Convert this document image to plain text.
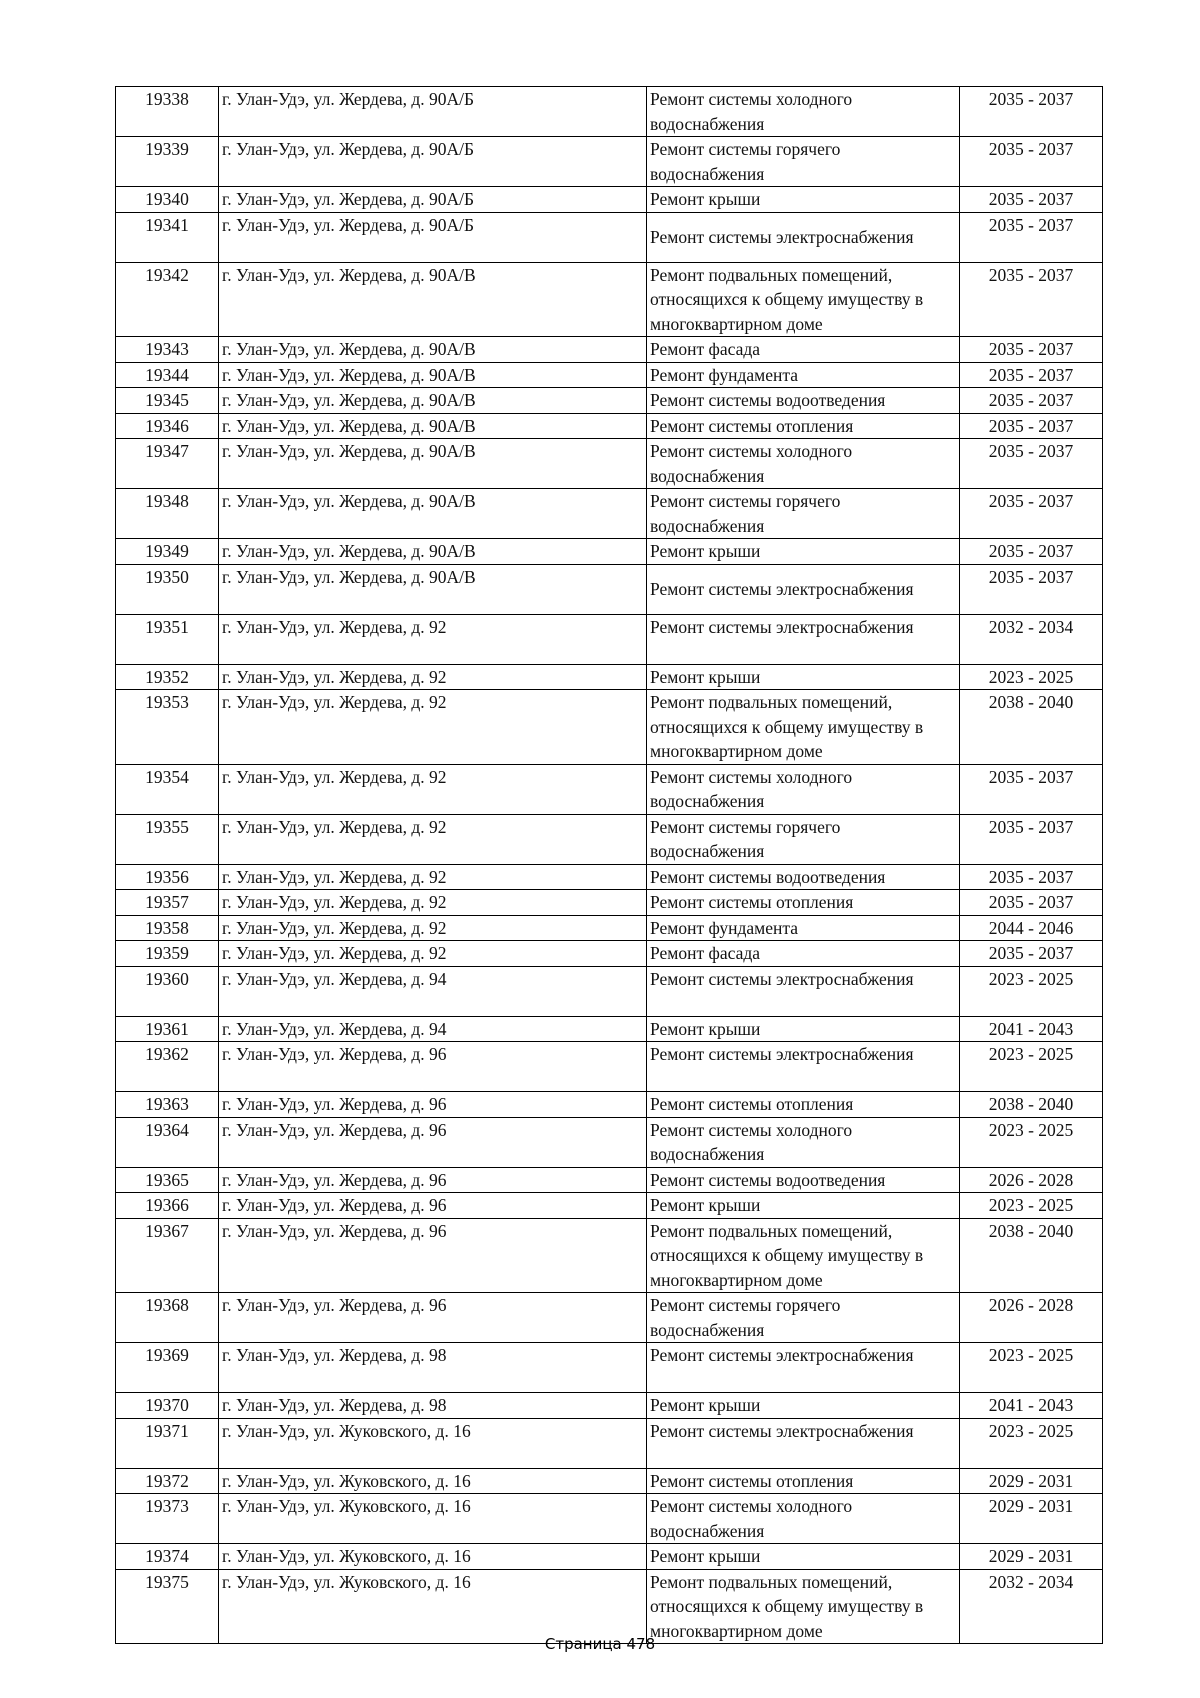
19338	г. Улан-Удэ, ул. Жердева, д. 90А/Б	Ремонт системы холодного водоснабжения	2035 - 2037
19339	г. Улан-Удэ, ул. Жердева, д. 90А/Б	Ремонт системы горячего водоснабжения	2035 - 2037
19340	г. Улан-Удэ, ул. Жердева, д. 90А/Б	Ремонт крыши	2035 - 2037
19341	г. Улан-Удэ, ул. Жердева, д. 90А/Б	Ремонт системы электроснабжения	2035 - 2037
19342	г. Улан-Удэ, ул. Жердева, д. 90А/В	Ремонт подвальных помещений, относящихся к общему имуществу в многоквартирном доме	2035 - 2037
19343	г. Улан-Удэ, ул. Жердева, д. 90А/В	Ремонт фасада	2035 - 2037
19344	г. Улан-Удэ, ул. Жердева, д. 90А/В	Ремонт фундамента	2035 - 2037
19345	г. Улан-Удэ, ул. Жердева, д. 90А/В	Ремонт системы водоотведения	2035 - 2037
19346	г. Улан-Удэ, ул. Жердева, д. 90А/В	Ремонт системы отопления	2035 - 2037
19347	г. Улан-Удэ, ул. Жердева, д. 90А/В	Ремонт системы холодного водоснабжения	2035 - 2037
19348	г. Улан-Удэ, ул. Жердева, д. 90А/В	Ремонт системы горячего водоснабжения	2035 - 2037
19349	г. Улан-Удэ, ул. Жердева, д. 90А/В	Ремонт крыши	2035 - 2037
19350	г. Улан-Удэ, ул. Жердева, д. 90А/В	Ремонт системы электроснабжения	2035 - 2037
19351	г. Улан-Удэ, ул. Жердева, д. 92	Ремонт системы электроснабжения	2032 - 2034
19352	г. Улан-Удэ, ул. Жердева, д. 92	Ремонт крыши	2023 - 2025
19353	г. Улан-Удэ, ул. Жердева, д. 92	Ремонт подвальных помещений, относящихся к общему имуществу в многоквартирном доме	2038 - 2040
19354	г. Улан-Удэ, ул. Жердева, д. 92	Ремонт системы холодного водоснабжения	2035 - 2037
19355	г. Улан-Удэ, ул. Жердева, д. 92	Ремонт системы горячего водоснабжения	2035 - 2037
19356	г. Улан-Удэ, ул. Жердева, д. 92	Ремонт системы водоотведения	2035 - 2037
19357	г. Улан-Удэ, ул. Жердева, д. 92	Ремонт системы отопления	2035 - 2037
19358	г. Улан-Удэ, ул. Жердева, д. 92	Ремонт фундамента	2044 - 2046
19359	г. Улан-Удэ, ул. Жердева, д. 92	Ремонт фасада	2035 - 2037
19360	г. Улан-Удэ, ул. Жердева, д. 94	Ремонт системы электроснабжения	2023 - 2025
19361	г. Улан-Удэ, ул. Жердева, д. 94	Ремонт крыши	2041 - 2043
19362	г. Улан-Удэ, ул. Жердева, д. 96	Ремонт системы электроснабжения	2023 - 2025
19363	г. Улан-Удэ, ул. Жердева, д. 96	Ремонт системы отопления	2038 - 2040
19364	г. Улан-Удэ, ул. Жердева, д. 96	Ремонт системы холодного водоснабжения	2023 - 2025
19365	г. Улан-Удэ, ул. Жердева, д. 96	Ремонт системы водоотведения	2026 - 2028
19366	г. Улан-Удэ, ул. Жердева, д. 96	Ремонт крыши	2023 - 2025
19367	г. Улан-Удэ, ул. Жердева, д. 96	Ремонт подвальных помещений, относящихся к общему имуществу в многоквартирном доме	2038 - 2040
19368	г. Улан-Удэ, ул. Жердева, д. 96	Ремонт системы горячего водоснабжения	2026 - 2028
19369	г. Улан-Удэ, ул. Жердева, д. 98	Ремонт системы электроснабжения	2023 - 2025
19370	г. Улан-Удэ, ул. Жердева, д. 98	Ремонт крыши	2041 - 2043
19371	г. Улан-Удэ, ул. Жуковского, д. 16	Ремонт системы электроснабжения	2023 - 2025
19372	г. Улан-Удэ, ул. Жуковского, д. 16	Ремонт системы отопления	2029 - 2031
19373	г. Улан-Удэ, ул. Жуковского, д. 16	Ремонт системы холодного водоснабжения	2029 - 2031
19374	г. Улан-Удэ, ул. Жуковского, д. 16	Ремонт крыши	2029 - 2031
19375	г. Улан-Удэ, ул. Жуковского, д. 16	Ремонт подвальных помещений, относящихся к общему имуществу в многоквартирном доме	2032 - 2034
Страница 478
